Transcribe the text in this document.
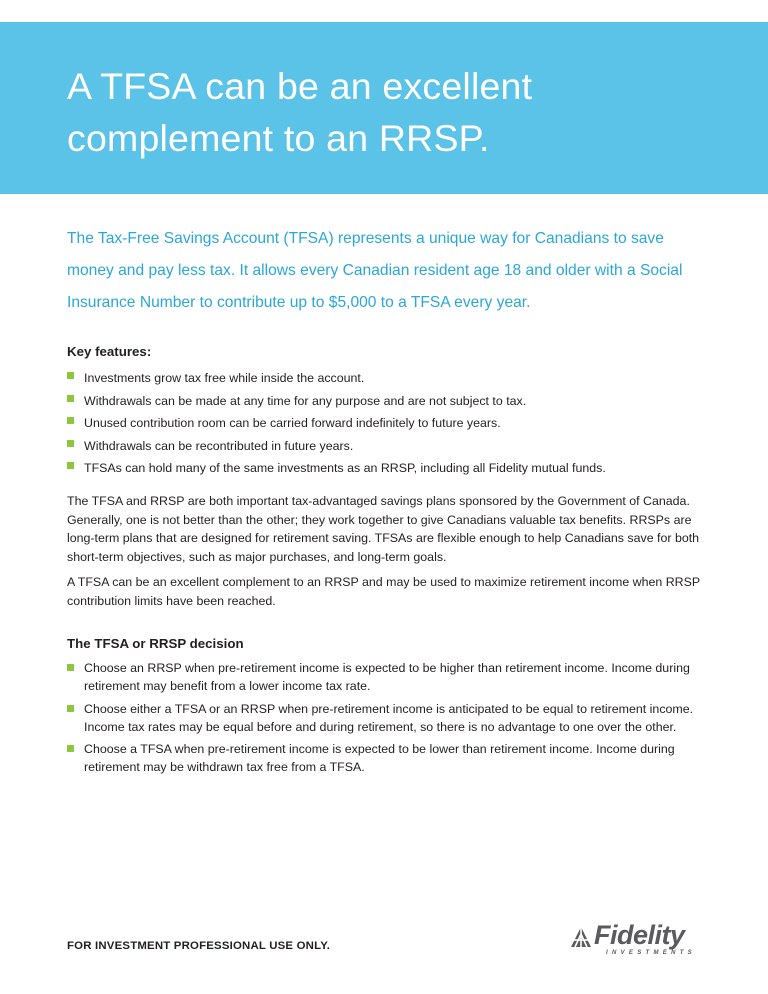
A TFSA can be an excellent complement to an RRSP.

The Tax-Free Savings Account (TFSA) represents a unique way for Canadians to save money and pay less tax. It allows every Canadian resident age 18 and older with a Social Insurance Number to contribute up to $5,000 to a TFSA every year.

Key features:
Investments grow tax free while inside the account.
Withdrawals can be made at any time for any purpose and are not subject to tax.
Unused contribution room can be carried forward indefinitely to future years.
Withdrawals can be recontributed in future years.
TFSAs can hold many of the same investments as an RRSP, including all Fidelity mutual funds.

The TFSA and RRSP are both important tax-advantaged savings plans sponsored by the Government of Canada. Generally, one is not better than the other; they work together to give Canadians valuable tax benefits. RRSPs are long-term plans that are designed for retirement saving. TFSAs are flexible enough to help Canadians save for both short-term objectives, such as major purchases, and long-term goals.

A TFSA can be an excellent complement to an RRSP and may be used to maximize retirement income when RRSP contribution limits have been reached.

The TFSA or RRSP decision
Choose an RRSP when pre-retirement income is expected to be higher than retirement income. Income during retirement may benefit from a lower income tax rate.
Choose either a TFSA or an RRSP when pre-retirement income is anticipated to be equal to retirement income. Income tax rates may be equal before and during retirement, so there is no advantage to one over the other.
Choose a TFSA when pre-retirement income is expected to be lower than retirement income. Income during retirement may be withdrawn tax free from a TFSA.

FOR INVESTMENT PROFESSIONAL USE ONLY.	Fidelity
INVESTMENTS
